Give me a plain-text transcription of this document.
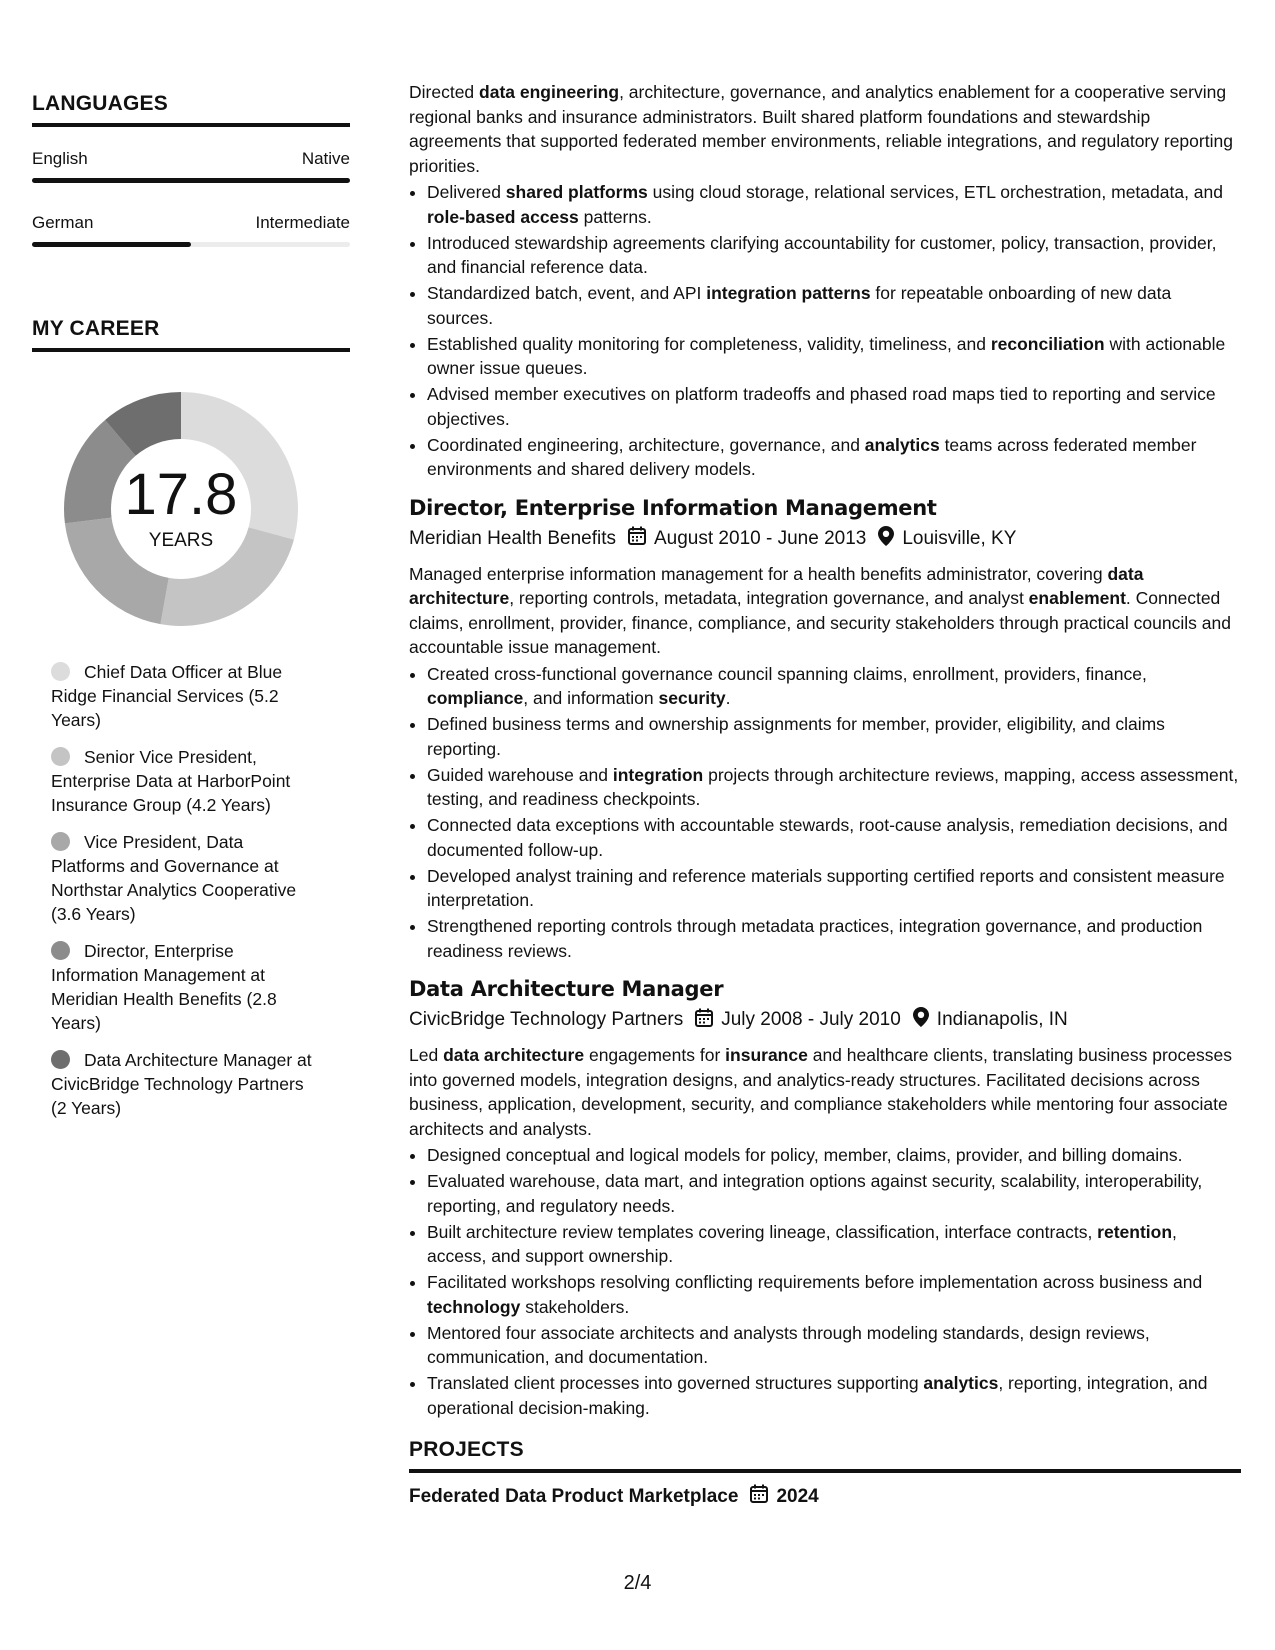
LANGUAGES
English	Native
German	Intermediate
MY CAREER
17.8
YEARS
Chief Data Officer at Blue Ridge Financial Services (5.2 Years)
Senior Vice President, Enterprise Data at HarborPoint Insurance Group (4.2 Years)
Vice President, Data Platforms and Governance at Northstar Analytics Cooperative (3.6 Years)
Director, Enterprise Information Management at Meridian Health Benefits (2.8 Years)
Data Architecture Manager at CivicBridge Technology Partners (2 Years)

Directed data engineering, architecture, governance, and analytics enablement for a cooperative serving regional banks and insurance administrators. Built shared platform foundations and stewardship agreements that supported federated member environments, reliable integrations, and regulatory reporting priorities.

• Delivered shared platforms using cloud storage, relational services, ETL orchestration, metadata, and role-based access patterns.
• Introduced stewardship agreements clarifying accountability for customer, policy, transaction, provider, and financial reference data.
• Standardized batch, event, and API integration patterns for repeatable onboarding of new data sources.
• Established quality monitoring for completeness, validity, timeliness, and reconciliation with actionable owner issue queues.
• Advised member executives on platform tradeoffs and phased road maps tied to reporting and service objectives.
• Coordinated engineering, architecture, governance, and analytics teams across federated member environments and shared delivery models.
Director, Enterprise Information Management
Meridian Health Benefits August 2010 - June 2013 Louisville, KY

Managed enterprise information management for a health benefits administrator, covering data architecture, reporting controls, metadata, integration governance, and analyst enablement. Connected claims, enrollment, provider, finance, compliance, and security stakeholders through practical councils and accountable issue management.

• Created cross-functional governance council spanning claims, enrollment, providers, finance, compliance, and information security.
• Defined business terms and ownership assignments for member, provider, eligibility, and claims reporting.
• Guided warehouse and integration projects through architecture reviews, mapping, access assessment, testing, and readiness checkpoints.
• Connected data exceptions with accountable stewards, root-cause analysis, remediation decisions, and documented follow-up.
• Developed analyst training and reference materials supporting certified reports and consistent measure interpretation.
• Strengthened reporting controls through metadata practices, integration governance, and production readiness reviews.
Data Architecture Manager
CivicBridge Technology Partners July 2008 - July 2010 Indianapolis, IN

Led data architecture engagements for insurance and healthcare clients, translating business processes into governed models, integration designs, and analytics-ready structures. Facilitated decisions across business, application, development, security, and compliance stakeholders while mentoring four associate architects and analysts.

• Designed conceptual and logical models for policy, member, claims, provider, and billing domains.
• Evaluated warehouse, data mart, and integration options against security, scalability, interoperability, reporting, and regulatory needs.
• Built architecture review templates covering lineage, classification, interface contracts, retention, access, and support ownership.
• Facilitated workshops resolving conflicting requirements before implementation across business and technology stakeholders.
• Mentored four associate architects and analysts through modeling standards, design reviews, communication, and documentation.
• Translated client processes into governed structures supporting analytics, reporting, integration, and operational decision-making.
PROJECTS
Federated Data Product Marketplace 2024
2/4
